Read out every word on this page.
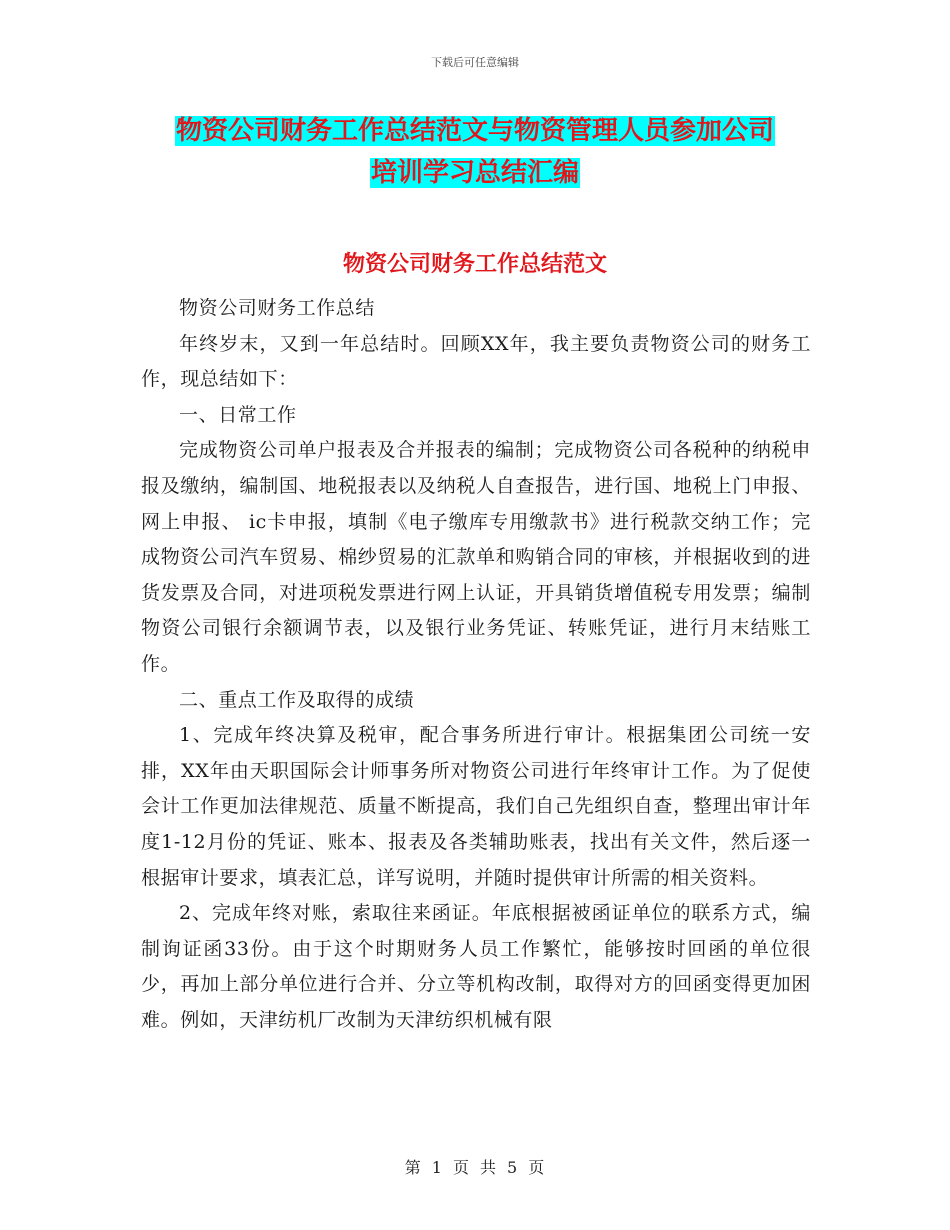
下载后可任意编辑
物资公司财务工作总结范文与物资管理人员参加公司
培训学习总结汇编
物资公司财务工作总结范文

物资公司财务工作总结

年终岁末，又到一年总结时。回顾XX年，我主要负责物资公司的财务工作，现总结如下：

一、日常工作

完成物资公司单户报表及合并报表的编制；完成物资公司各税种的纳税申报及缴纳，编制国、地税报表以及纳税人自查报告，进行国、地税上门申报、网上申报、 ic卡申报，填制《电子缴库专用缴款书》进行税款交纳工作；完成物资公司汽车贸易、棉纱贸易的汇款单和购销合同的审核，并根据收到的进货发票及合同，对进项税发票进行网上认证，开具销货增值税专用发票；编制物资公司银行余额调节表，以及银行业务凭证、转账凭证，进行月末结账工作。

二、重点工作及取得的成绩

1、完成年终决算及税审，配合事务所进行审计。根据集团公司统一安排，XX年由天职国际会计师事务所对物资公司进行年终审计工作。为了促使会计工作更加法律规范、质量不断提高，我们自己先组织自查，整理出审计年度1-12月份的凭证、账本、报表及各类辅助账表，找出有关文件，然后逐一根据审计要求，填表汇总，详写说明，并随时提供审计所需的相关资料。

2、完成年终对账，索取往来函证。年底根据被函证单位的联系方式，编制询证函33份。由于这个时期财务人员工作繁忙，能够按时回函的单位很少，再加上部分单位进行合并、分立等机构改制，取得对方的回函变得更加困难。例如，天津纺机厂改制为天津纺织机械有限

第 1 页 共 5 页
